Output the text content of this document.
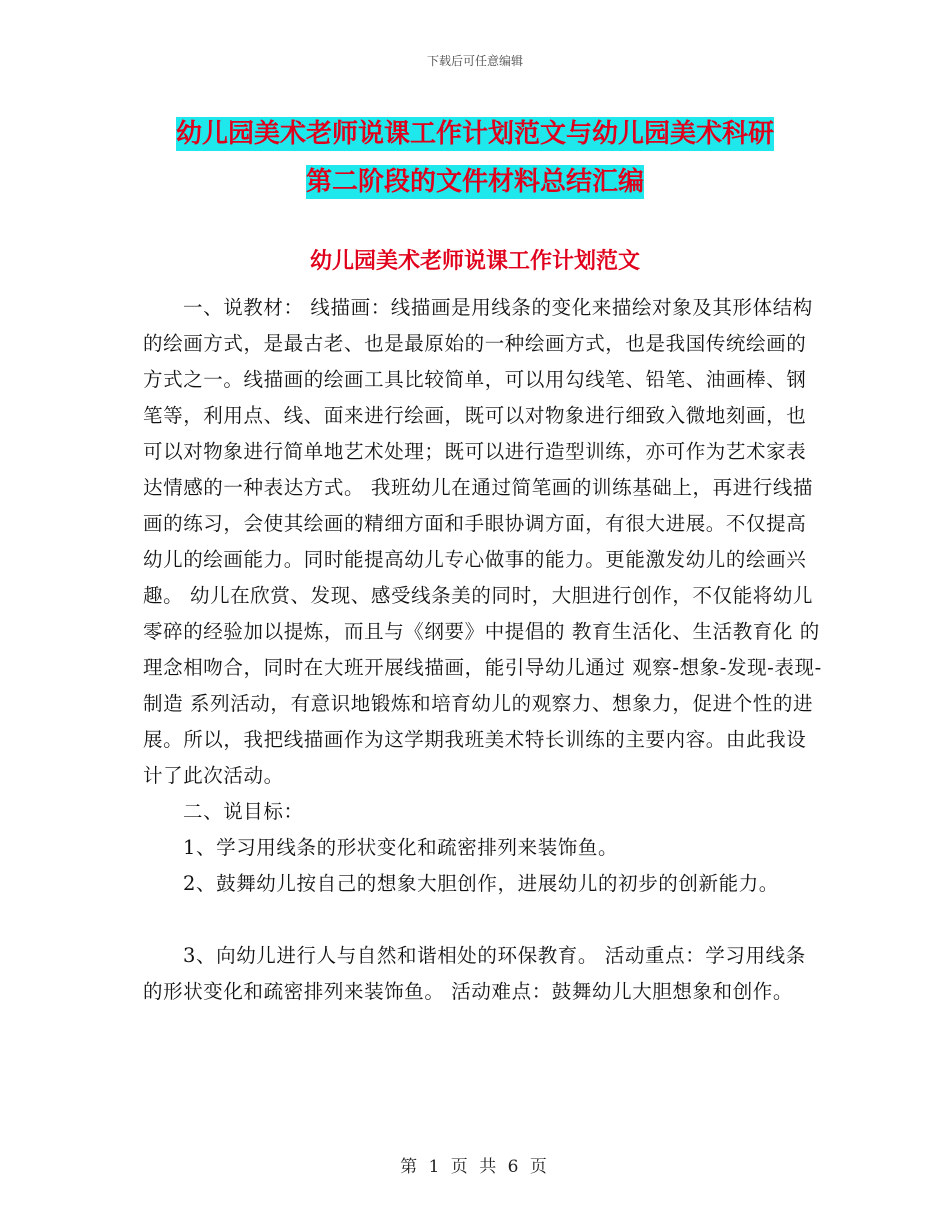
下载后可任意编辑
幼儿园美术老师说课工作计划范文与幼儿园美术科研
第二阶段的文件材料总结汇编
幼儿园美术老师说课工作计划范文

一、说教材： 线描画：线描画是用线条的变化来描绘对象及其形体结构的绘画方式，是最古老、也是最原始的一种绘画方式，也是我国传统绘画的方式之一。线描画的绘画工具比较简单，可以用勾线笔、铅笔、油画棒、钢笔等，利用点、线、面来进行绘画，既可以对物象进行细致入微地刻画，也可以对物象进行简单地艺术处理；既可以进行造型训练，亦可作为艺术家表达情感的一种表达方式。 我班幼儿在通过简笔画的训练基础上，再进行线描画的练习，会使其绘画的精细方面和手眼协调方面，有很大进展。不仅提高幼儿的绘画能力。同时能提高幼儿专心做事的能力。更能激发幼儿的绘画兴趣。 幼儿在欣赏、发现、感受线条美的同时，大胆进行创作，不仅能将幼儿零碎的经验加以提炼，而且与《纲要》中提倡的 教育生活化、生活教育化 的理念相吻合，同时在大班开展线描画，能引导幼儿通过 观察-想象-发现-表现-制造 系列活动，有意识地锻炼和培育幼儿的观察力、想象力，促进个性的进展。所以，我把线描画作为这学期我班美术特长训练的主要内容。由此我设计了此次活动。

二、说目标：

1、学习用线条的形状变化和疏密排列来装饰鱼。

2、鼓舞幼儿按自己的想象大胆创作，进展幼儿的初步的创新能力。

3、向幼儿进行人与自然和谐相处的环保教育。 活动重点：学习用线条的形状变化和疏密排列来装饰鱼。 活动难点：鼓舞幼儿大胆想象和创作。

第 1 页 共 6 页
